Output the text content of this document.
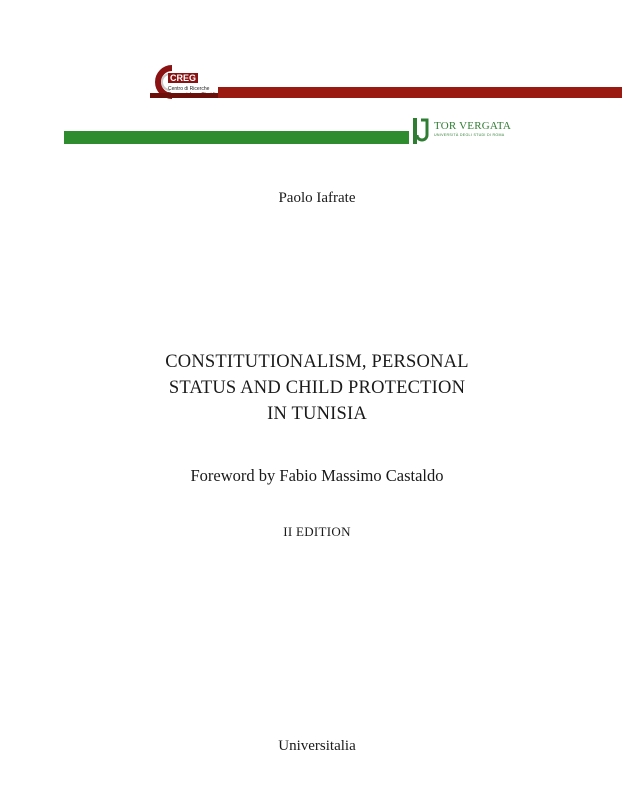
CREG
Centro di Ricerche
TOR VERGATA
UNIVERSITÀ DEGLI STUDI DI ROMA
Paolo Iafrate
CONSTITUTIONALISM, PERSONAL
STATUS AND CHILD PROTECTION
IN TUNISIA
Foreword by Fabio Massimo Castaldo
II EDITION
Universitalia
